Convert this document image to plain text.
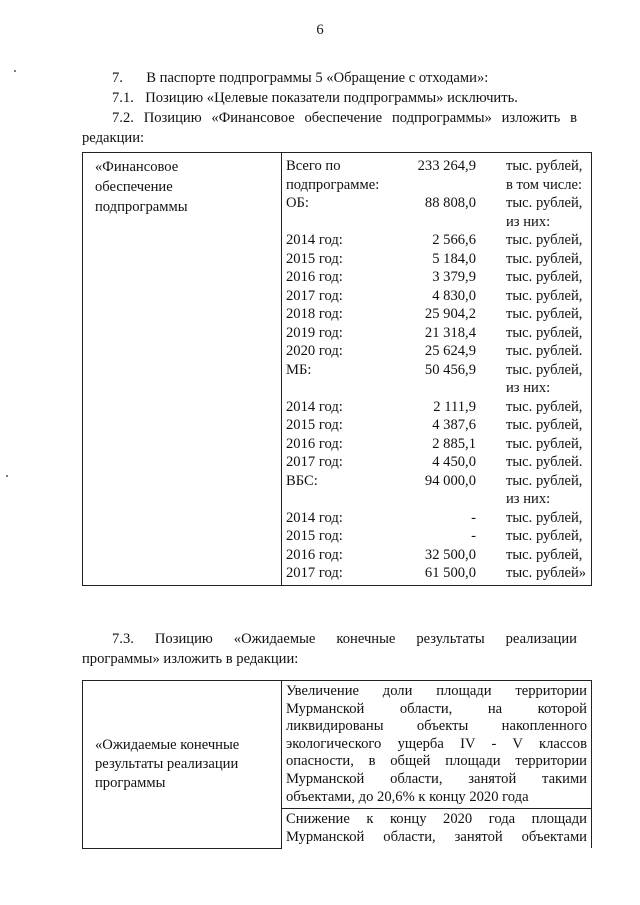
6
7. В паспорте подпрограммы 5 «Обращение с отходами»:
7.1. Позицию «Целевые показатели подпрограммы» исключить.
7.2. Позицию «Финансовое обеспечение подпрограммы» изложить в
редакции:
«Финансовое
обеспечение
подпрограммы

Всего по	233 264,9 тыс. рублей,
подпрограмме:	в том числе:
ОБ:	88 808,0 тыс. рублей,
из них:
2014 год:	2 566,6 тыс. рублей,
2015 год:	5 184,0 тыс. рублей,
2016 год:	3 379,9 тыс. рублей,
2017 год:	4 830,0 тыс. рублей,
2018 год:	25 904,2 тыс. рублей,
2019 год:	21 318,4 тыс. рублей,
2020 год:	25 624,9 тыс. рублей.
МБ:	50 456,9 тыс. рублей,
из них:
2014 год:	2 111,9 тыс. рублей,
2015 год:	4 387,6 тыс. рублей,
2016 год:	2 885,1 тыс. рублей,
2017 год:	4 450,0 тыс. рублей.
ВБС:	94 000,0 тыс. рублей,
из них:
2014 год:	- тыс. рублей,
2015 год:	- тыс. рублей,
2016 год:	32 500,0 тыс. рублей,
2017 год:	61 500,0 тыс. рублей»
7.3. Позицию «Ожидаемые конечные результаты реализации
программы» изложить в редакции:
«Ожидаемые конечные
результаты реализации
программы

Увеличение доли площади территории
Мурманской области, на которой
ликвидированы объекты накопленного
экологического ущерба IV - V классов
опасности, в общей площади территории
Мурманской области, занятой такими
объектами, до 20,6% к концу 2020 года

Снижение к концу 2020 года площади
Мурманской области, занятой объектами
